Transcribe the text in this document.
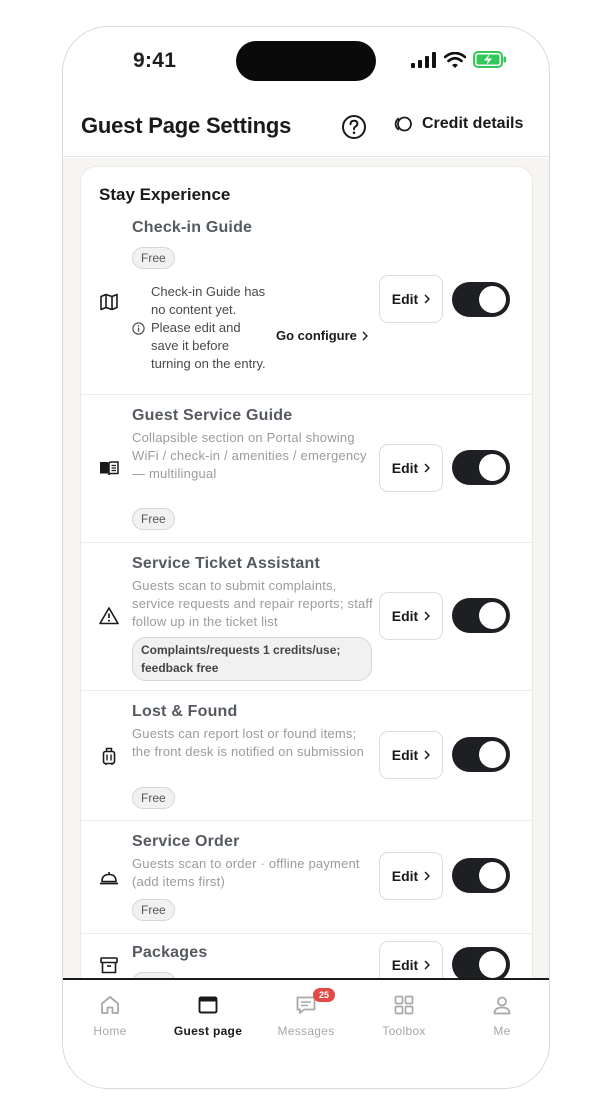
9:41
Guest Page Settings	Credit details
Stay Experience
Check-in Guide
Free
Check-in Guide has no content yet. Please edit and save it before turning on the entry.
Go configure
Edit
Guest Service Guide
Collapsible section on Portal showing WiFi / check-in / amenities / emergency — multilingual
Free
Edit
Service Ticket Assistant
Guests scan to submit complaints, service requests and repair reports; staff follow up in the ticket list
Complaints/requests 1 credits/use; feedback free
Edit
Lost & Found
Guests can report lost or found items; the front desk is notified on submission
Free
Edit
Service Order
Guests scan to order · offline payment (add items first)
Free
Edit
Packages
Edit
Home	Guest page
25
Messages	Toolbox	Me
